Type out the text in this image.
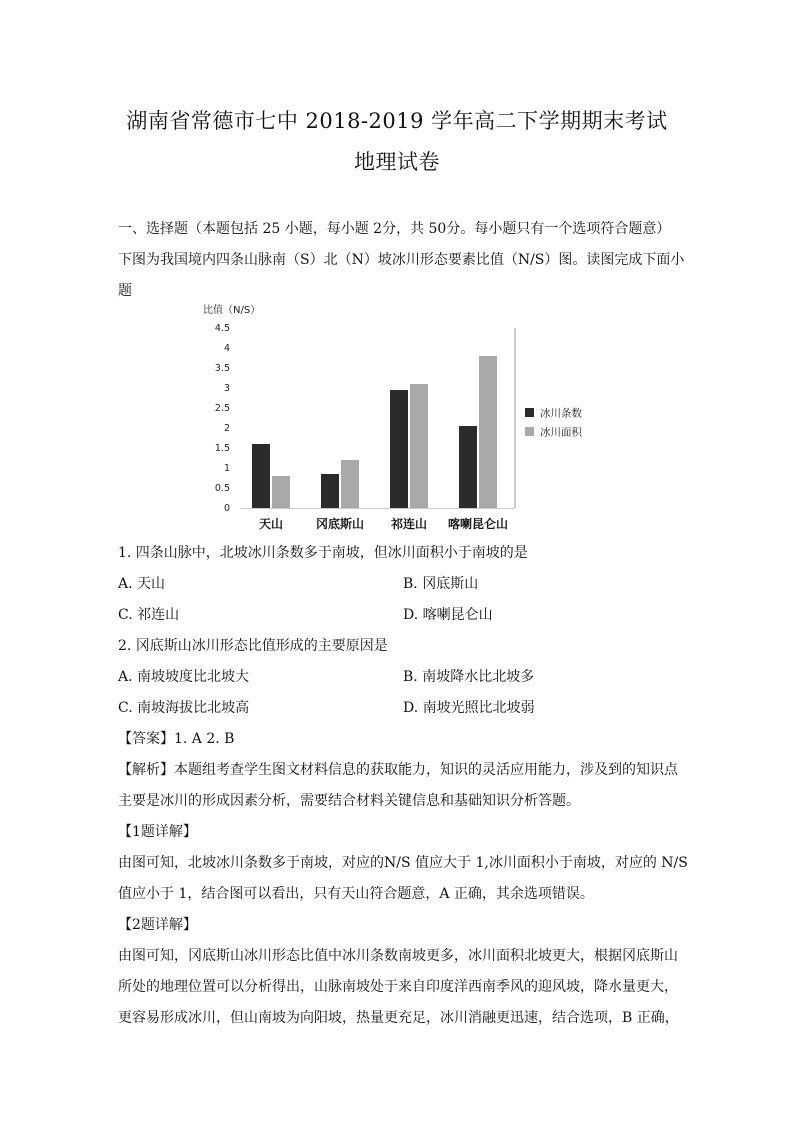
湖南省常德市七中 2018-2019 学年高二下学期期末考试
地理试卷
一、选择题（本题包括 25 小题，每小题 2分，共 50分。每小题只有一个选项符合题意）
下图为我国境内四条山脉南（S）北（N）坡冰川形态要素比值（N/S）图。读图完成下面小
题
比值（N/S）
0
0.5
1
1.5
2
2.5
3
3.5
4
4.5
天山	冈底斯山 祁连山 喀喇昆仑山
冰川条数
冰川面积
1. 四条山脉中，北坡冰川条数多于南坡，但冰川面积小于南坡的是
A. 天山	B. 冈底斯山
C. 祁连山	D. 喀喇昆仑山
2. 冈底斯山冰川形态比值形成的主要原因是
A. 南坡坡度比北坡大	B. 南坡降水比北坡多
C. 南坡海拔比北坡高	D. 南坡光照比北坡弱
【答案】1. A 2. B
【解析】本题组考查学生图文材料信息的获取能力，知识的灵活应用能力，涉及到的知识点
主要是冰川的形成因素分析，需要结合材料关键信息和基础知识分析答题。
【1题详解】
由图可知，北坡冰川条数多于南坡，对应的N/S 值应大于 1,冰川面积小于南坡，对应的 N/S
值应小于 1，结合图可以看出，只有天山符合题意，A 正确，其余选项错误。
【2题详解】
由图可知，冈底斯山冰川形态比值中冰川条数南坡更多，冰川面积北坡更大，根据冈底斯山
所处的地理位置可以分析得出，山脉南坡处于来自印度洋西南季风的迎风坡，降水量更大，
更容易形成冰川，但山南坡为向阳坡，热量更充足，冰川消融更迅速，结合选项，B 正确，
